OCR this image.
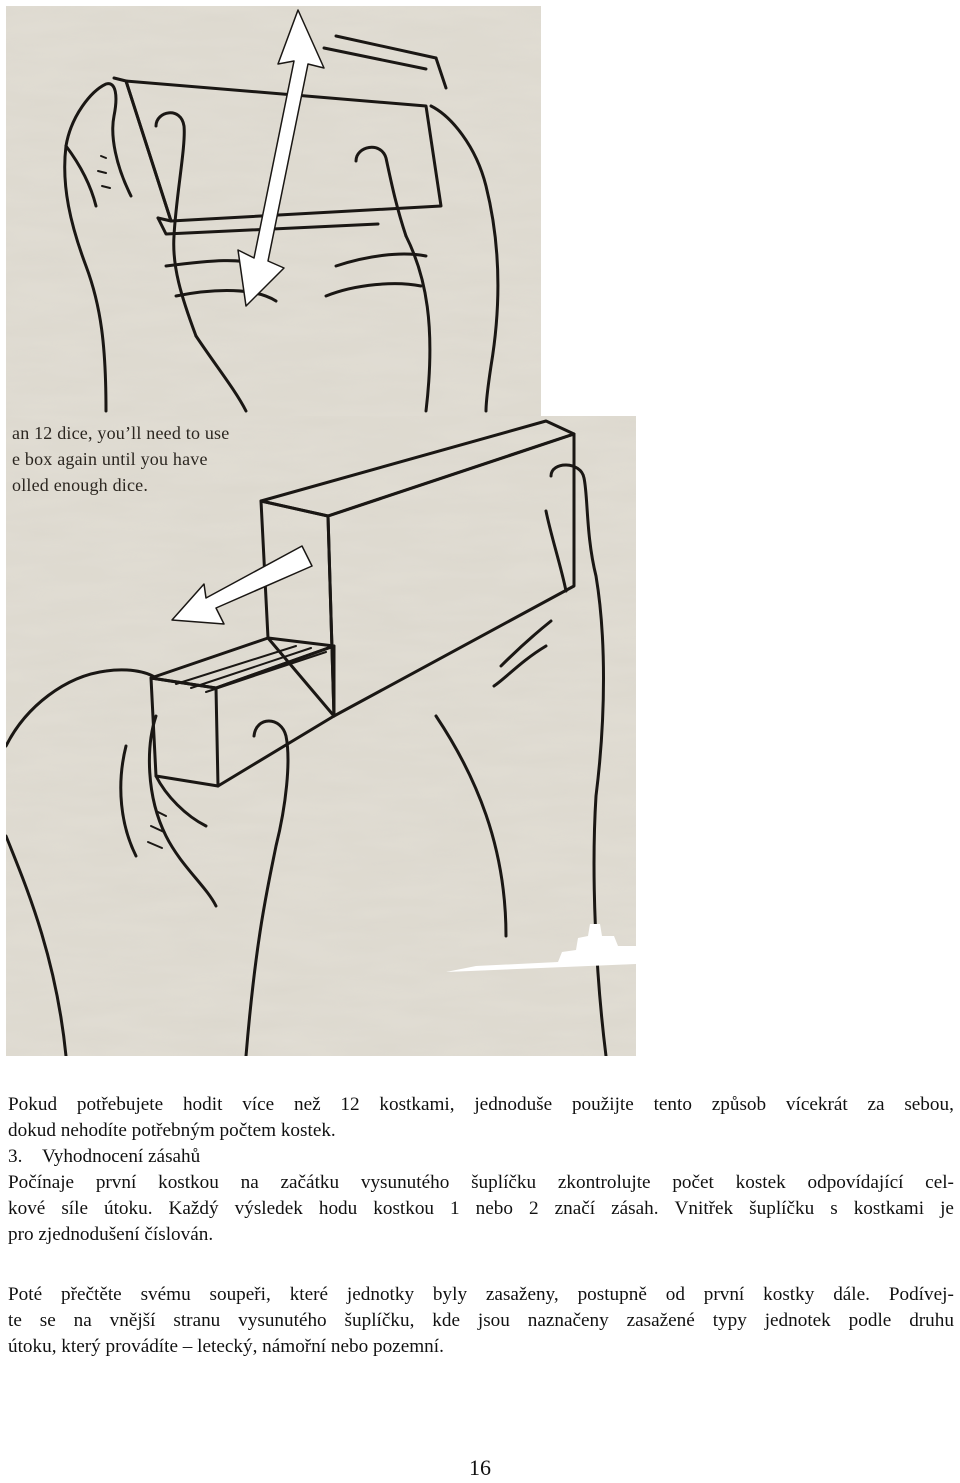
an 12 dice, you’ll need to use
e box again until you have
olled enough dice.
Pokud potřebujete hodit více než 12 kostkami, jednoduše použijte tento způsob vícekrát za sebou,
dokud nehodíte potřebným počtem kostek.
3. Vyhodnocení zásahů
Počínaje první kostkou na začátku vysunutého šuplíčku zkontrolujte počet kostek odpovídající cel-
kové síle útoku. Každý výsledek hodu kostkou 1 nebo 2 značí zásah. Vnitřek šuplíčku s kostkami je
pro zjednodušení číslován.
Poté přečtěte svému soupeři, které jednotky byly zasaženy, postupně od první kostky dále. Podívej-
te se na vnější stranu vysunutého šuplíčku, kde jsou naznačeny zasažené typy jednotek podle druhu
útoku, který provádíte – letecký, námořní nebo pozemní.
16
